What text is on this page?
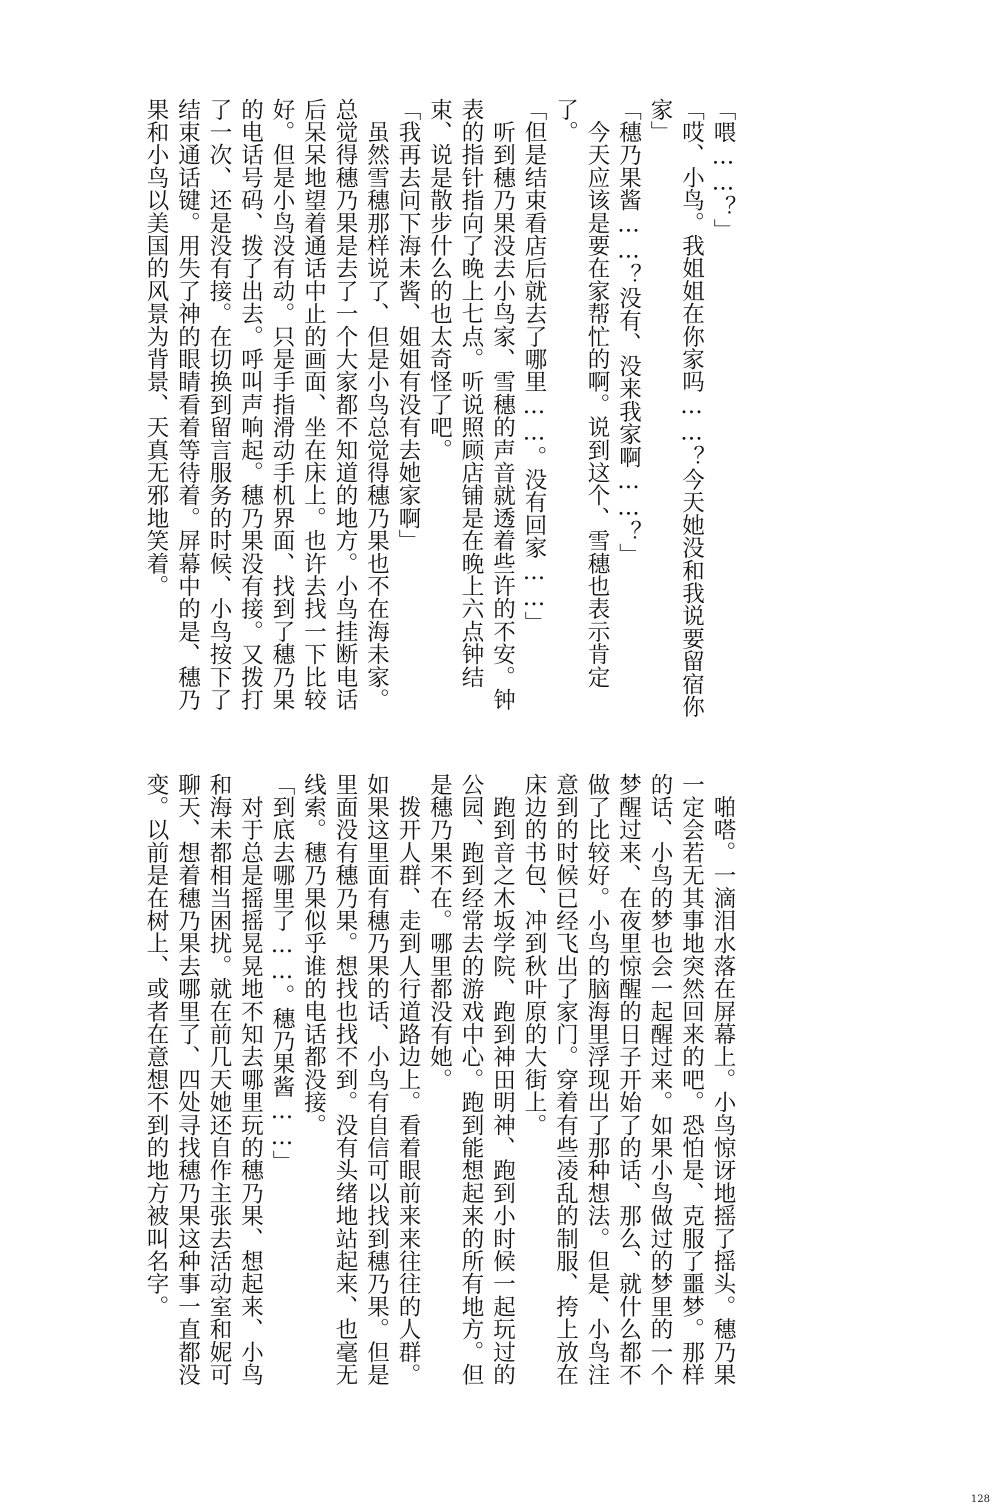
「喂……？」

「哎、小鸟。我姐姐在你家吗……？今天她没和我说要留宿你家」

「穗乃果酱……？没有、没来我家啊……？」

　今天应该是要在家帮忙的啊。说到这个、雪穗也表示肯定了。

「但是结束看店后就去了哪里……。没有回家……」

　听到穗乃果没去小鸟家、雪穗的声音就透着些许的不安。钟表的指针指向了晚上七点。听说照顾店铺是在晚上六点钟结束、说是散步什么的也太奇怪了吧。

「我再去问下海未酱、姐姐有没有去她家啊」

　虽然雪穗那样说了、但是小鸟总觉得穗乃果也不在海未家。总觉得穗乃果是去了一个大家都不知道的地方。小鸟挂断电话后呆呆地望着通话中止的画面、坐在床上。也许去找一下比较好。但是小鸟没有动。只是手指滑动手机界面、找到了穗乃果的电话号码、拨了出去。呼叫声响起。穗乃果没有接。又拨打了一次、还是没有接。在切换到留言服务的时候、小鸟按下了结束通话键。用失了神的眼睛看着等待着。屏幕中的是、穗乃果和小鸟以美国的风景为背景、天真无邪地笑着。

　啪嗒。一滴泪水落在屏幕上。小鸟惊讶地摇了摇头。穗乃果一定会若无其事地突然回来的吧。恐怕是、克服了噩梦。那样的话、小鸟的梦也会一起醒过来。如果小鸟做过的梦里的一个梦醒过来、在夜里惊醒的日子开始了的话、那么、就什么都不做了比较好。小鸟的脑海里浮现出了那种想法。但是、小鸟注意到的时候已经飞出了家门。穿着有些凌乱的制服、挎上放在床边的书包、冲到秋叶原的大街上。

　跑到音之木坂学院、跑到神田明神、跑到小时候一起玩过的公园、跑到经常去的游戏中心。跑到能想起来的所有地方。但是穗乃果不在。哪里都没有她。

　拨开人群、走到人行道路边上。看着眼前来来往往的人群。如果这里面有穗乃果的话、小鸟有自信可以找到穗乃果。但是里面没有穗乃果。想找也找不到。没有头绪地站起来、也毫无线索。穗乃果似乎谁的电话都没接。

「到底去哪里了……。穗乃果酱……」

　对于总是摇摇晃晃地不知去哪里玩的穗乃果、想起来、小鸟和海未都相当困扰。就在前几天她还自作主张去活动室和妮可聊天、想着穗乃果去哪里了、四处寻找穗乃果这种事一直都没变。以前是在树上、或者在意想不到的地方被叫名字。

128
